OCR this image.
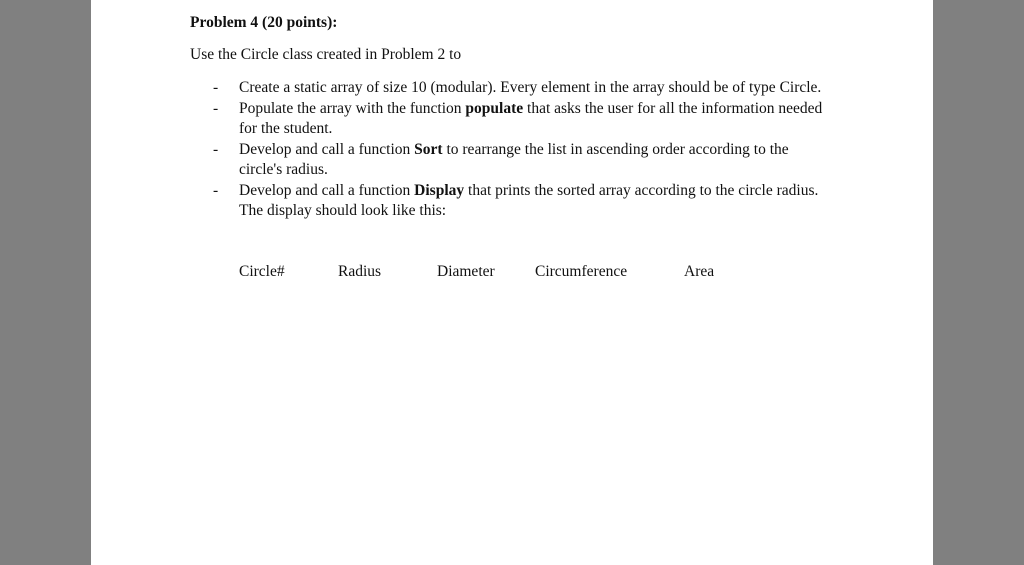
Problem 4 (20 points):
Use the Circle class created in Problem 2 to
- Create a static array of size 10 (modular). Every element in the array should be of type Circle.
- Populate the array with the function populate that asks the user for all the information needed for the student.
- Develop and call a function Sort to rearrange the list in ascending order according to the circle's radius.
- Develop and call a function Display that prints the sorted array according to the circle radius. The display should look like this:
Circle#	Radius	Diameter	Circumference	Area
